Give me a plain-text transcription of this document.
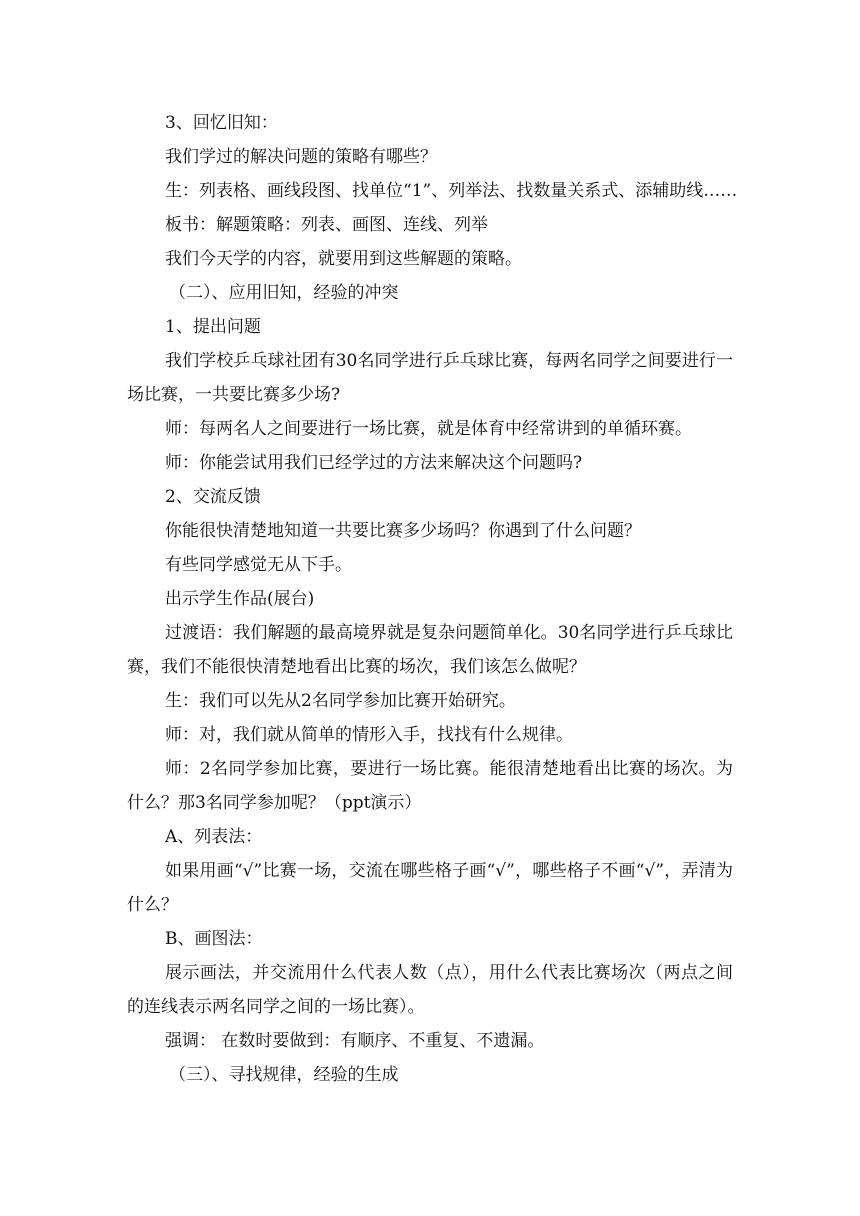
3、回忆旧知：

我们学过的解决问题的策略有哪些？

生：列表格、画线段图、找单位“1”、列举法、找数量关系式、添辅助线……

板书：解题策略：列表、画图、连线、列举

我们今天学的内容，就要用到这些解题的策略。

（二）、应用旧知，经验的冲突

1、提出问题

我们学校乒乓球社团有30名同学进行乒乓球比赛，每两名同学之间要进行一场比赛，一共要比赛多少场?

师：每两名人之间要进行一场比赛，就是体育中经常讲到的单循环赛。

师：你能尝试用我们已经学过的方法来解决这个问题吗?

2、交流反馈

你能很快清楚地知道一共要比赛多少场吗？你遇到了什么问题？

有些同学感觉无从下手。

出示学生作品(展台)

过渡语：我们解题的最高境界就是复杂问题简单化。30名同学进行乒乓球比赛，我们不能很快清楚地看出比赛的场次，我们该怎么做呢？

生：我们可以先从2名同学参加比赛开始研究。

师：对，我们就从简单的情形入手，找找有什么规律。

师：2名同学参加比赛，要进行一场比赛。能很清楚地看出比赛的场次。为什么？那3名同学参加呢？（ppt演示）

A、列表法：

如果用画“√”比赛一场，交流在哪些格子画“√”，哪些格子不画“√”，弄清为什么？

B、画图法：

展示画法，并交流用什么代表人数（点），用什么代表比赛场次（两点之间的连线表示两名同学之间的一场比赛）。

强调： 在数时要做到：有顺序、不重复、不遗漏。

（三）、寻找规律，经验的生成
